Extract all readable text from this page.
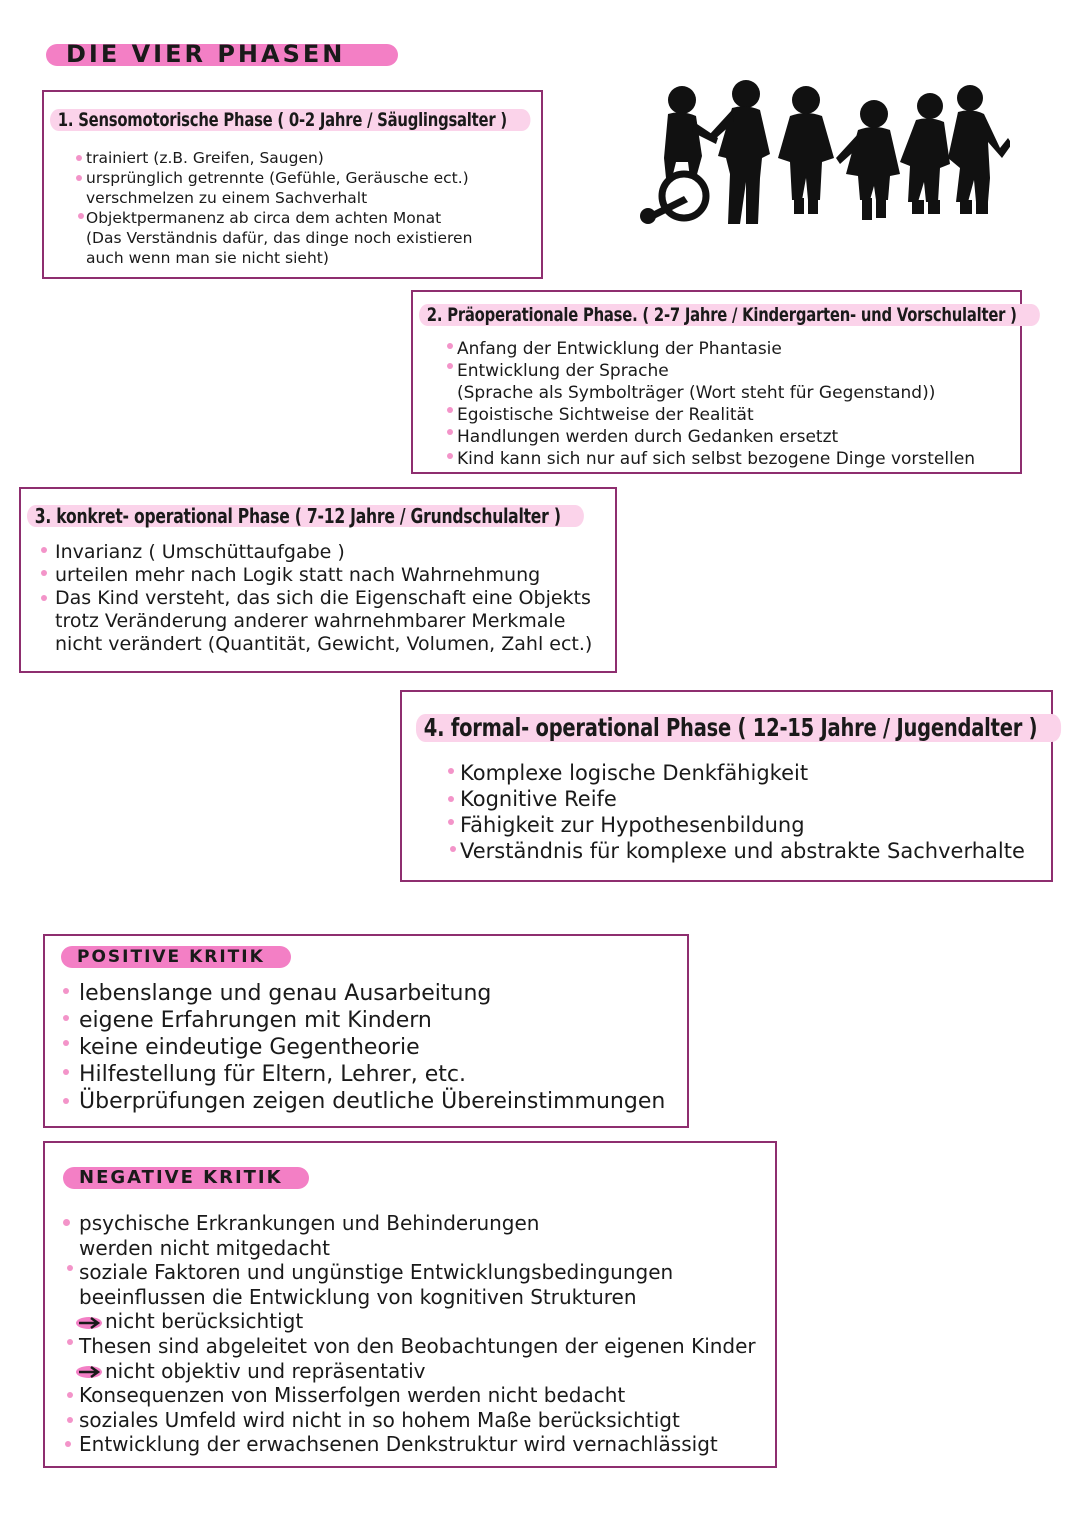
DIE VIER PHASEN
1. Sensomotorische Phase ( 0-2 Jahre / Säuglingsalter )
trainiert (z.B. Greifen, Saugen)
ursprünglich getrennte (Gefühle, Geräusche ect.)
verschmelzen zu einem Sachverhalt
Objektpermanenz ab circa dem achten Monat
(Das Verständnis dafür, das dinge noch existieren
auch wenn man sie nicht sieht)
2. Präoperationale Phase. ( 2-7 Jahre / Kindergarten- und Vorschulalter )
Anfang der Entwicklung der Phantasie
Entwicklung der Sprache
(Sprache als Symbolträger (Wort steht für Gegenstand))
Egoistische Sichtweise der Realität
Handlungen werden durch Gedanken ersetzt
Kind kann sich nur auf sich selbst bezogene Dinge vorstellen
3. konkret- operational Phase ( 7-12 Jahre / Grundschulalter )
Invarianz ( Umschüttaufgabe )
urteilen mehr nach Logik statt nach Wahrnehmung
Das Kind versteht, das sich die Eigenschaft eine Objekts
trotz Veränderung anderer wahrnehmbarer Merkmale
nicht verändert (Quantität, Gewicht, Volumen, Zahl ect.)
4. formal- operational Phase ( 12-15 Jahre / Jugendalter )
Komplexe logische Denkfähigkeit
Kognitive Reife
Fähigkeit zur Hypothesenbildung
Verständnis für komplexe und abstrakte Sachverhalte
POSITIVE KRITIK
lebenslange und genau Ausarbeitung
eigene Erfahrungen mit Kindern
keine eindeutige Gegentheorie
Hilfestellung für Eltern, Lehrer, etc.
Überprüfungen zeigen deutliche Übereinstimmungen
NEGATIVE KRITIK
psychische Erkrankungen und Behinderungen
werden nicht mitgedacht
soziale Faktoren und ungünstige Entwicklungsbedingungen
beeinflussen die Entwicklung von kognitiven Strukturen
nicht berücksichtigt
Thesen sind abgeleitet von den Beobachtungen der eigenen Kinder
nicht objektiv und repräsentativ
Konsequenzen von Misserfolgen werden nicht bedacht
soziales Umfeld wird nicht in so hohem Maße berücksichtigt
Entwicklung der erwachsenen Denkstruktur wird vernachlässigt
